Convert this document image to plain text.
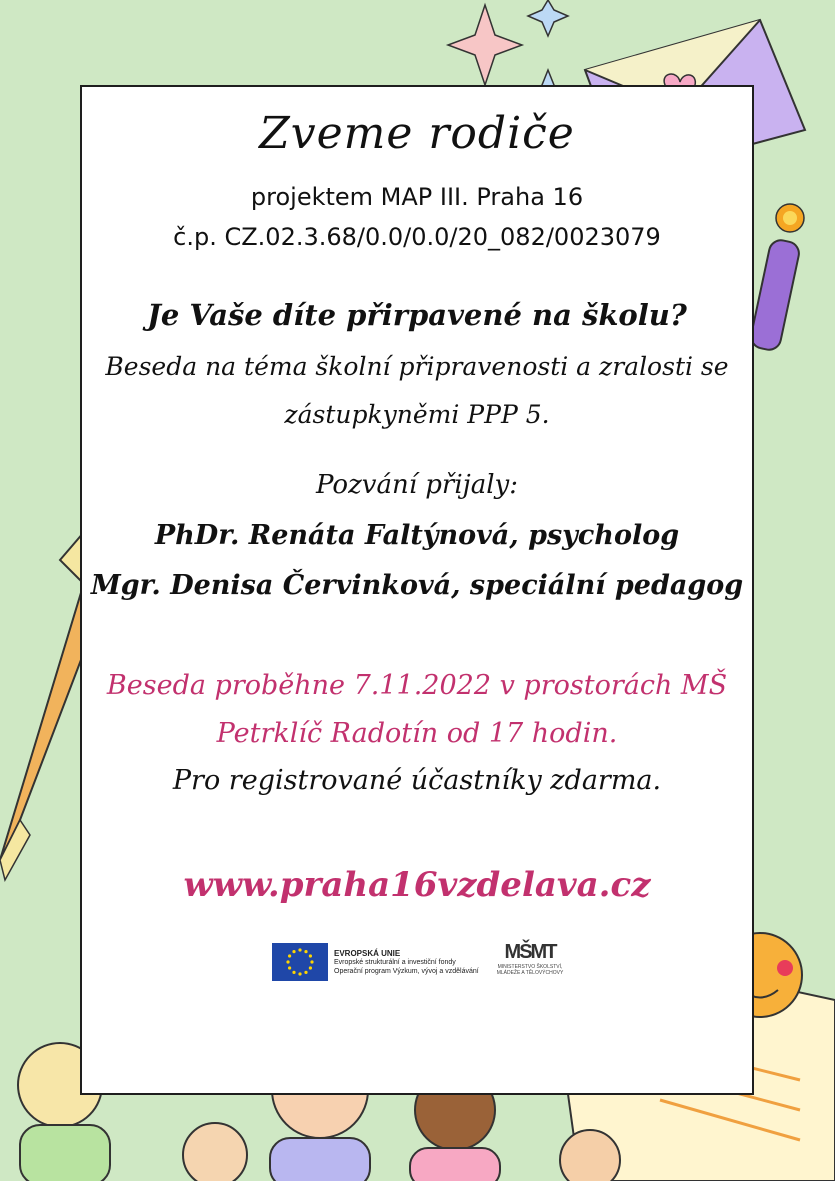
Zveme rodiče
projektem MAP III. Praha 16
č.p. CZ.02.3.68/0.0/0.0/20_082/0023079
Je Vaše díte přirpavené na školu?
Beseda na téma školní připravenosti a zralosti se
zástupkyněmi PPP 5.
Pozvání přijaly:
PhDr. Renáta Faltýnová, psycholog
Mgr. Denisa Červinková, speciální pedagog
Beseda proběhne 7.11.2022 v prostorách MŠ
Petrklíč Radotín od 17 hodin.
Pro registrované účastníky zdarma.
www.praha16vzdelava.cz
EVROPSKÁ UNIE
Evropské strukturální a investiční fondy
Operační program Výzkum, vývoj a vzdělávání
MŠMT
MINISTERSTVO ŠKOLSTVÍ,
MLÁDEŽE A TĚLOVÝCHOVY
